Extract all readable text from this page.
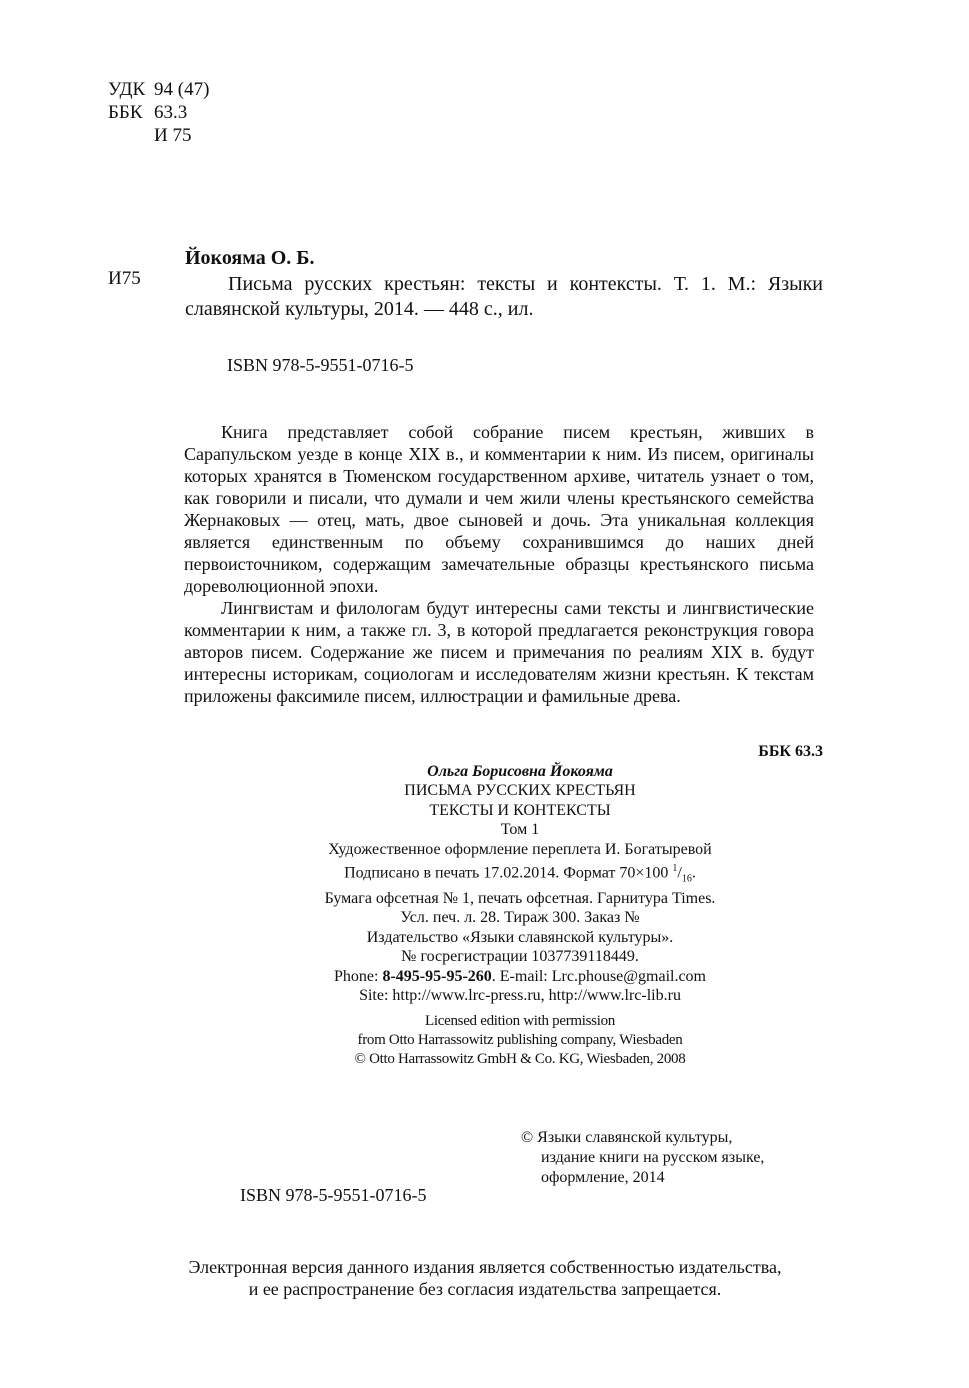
УДК 94 (47)
ББК 63.3
И 75
И75
Йокояма О. Б.
Письма русских крестьян: тексты и контексты. Т. 1. М.: Языки
славянской культуры, 2014. — 448 с., ил.
ISBN 978-5-9551-0716-5

Книга представляет собой собрание писем крестьян, живших в Сарапульском уезде в конце XIX в., и комментарии к ним. Из писем, оригиналы которых хранятся в Тюменском государственном архиве, читатель узнает о том, как говорили и писали, что думали и чем жили члены крестьянского семейства Жернаковых — отец, мать, двое сыновей и дочь. Эта уникальная коллекция является единственным по объему сохранившимся до наших дней первоисточником, содержащим замечательные образцы крестьянского письма дореволюционной эпохи.

Лингвистам и филологам будут интересны сами тексты и лингвистические комментарии к ним, а также гл. 3, в которой предлагается реконструкция говора авторов писем. Содержание же писем и примечания по реалиям XIX в. будут интересны историкам, социологам и исследователям жизни крестьян. К текстам приложены факсимиле писем, иллюстрации и фамильные древа.

ББК 63.3
Ольга Борисовна Йокояма
ПИСЬМА РУССКИХ КРЕСТЬЯН
ТЕКСТЫ И КОНТЕКСТЫ
Том 1
Художественное оформление переплета И. Богатыревой
Подписано в печать 17.02.2014. Формат 70×100 $^1/_{16}$.
Бумага офсетная № 1, печать офсетная. Гарнитура Times.
Усл. печ. л. 28. Тираж 300. Заказ №
Издательство «Языки славянской культуры».
№ госрегистрации 1037739118449.
Phone: 8-495-95-95-260. E-mail: Lrc.phouse@gmail.com
Site: http://www.lrc-press.ru, http://www.lrc-lib.ru
Licensed edition with permission
from Otto Harrassowitz publishing company, Wiesbaden
© Otto Harrassowitz GmbH & Co. KG, Wiesbaden, 2008
© Языки славянской культуры,
издание книги на русском языке,
оформление, 2014
ISBN 978-5-9551-0716-5
Электронная версия данного издания является собственностью издательства,
и ее распространение без согласия издательства запрещается.
